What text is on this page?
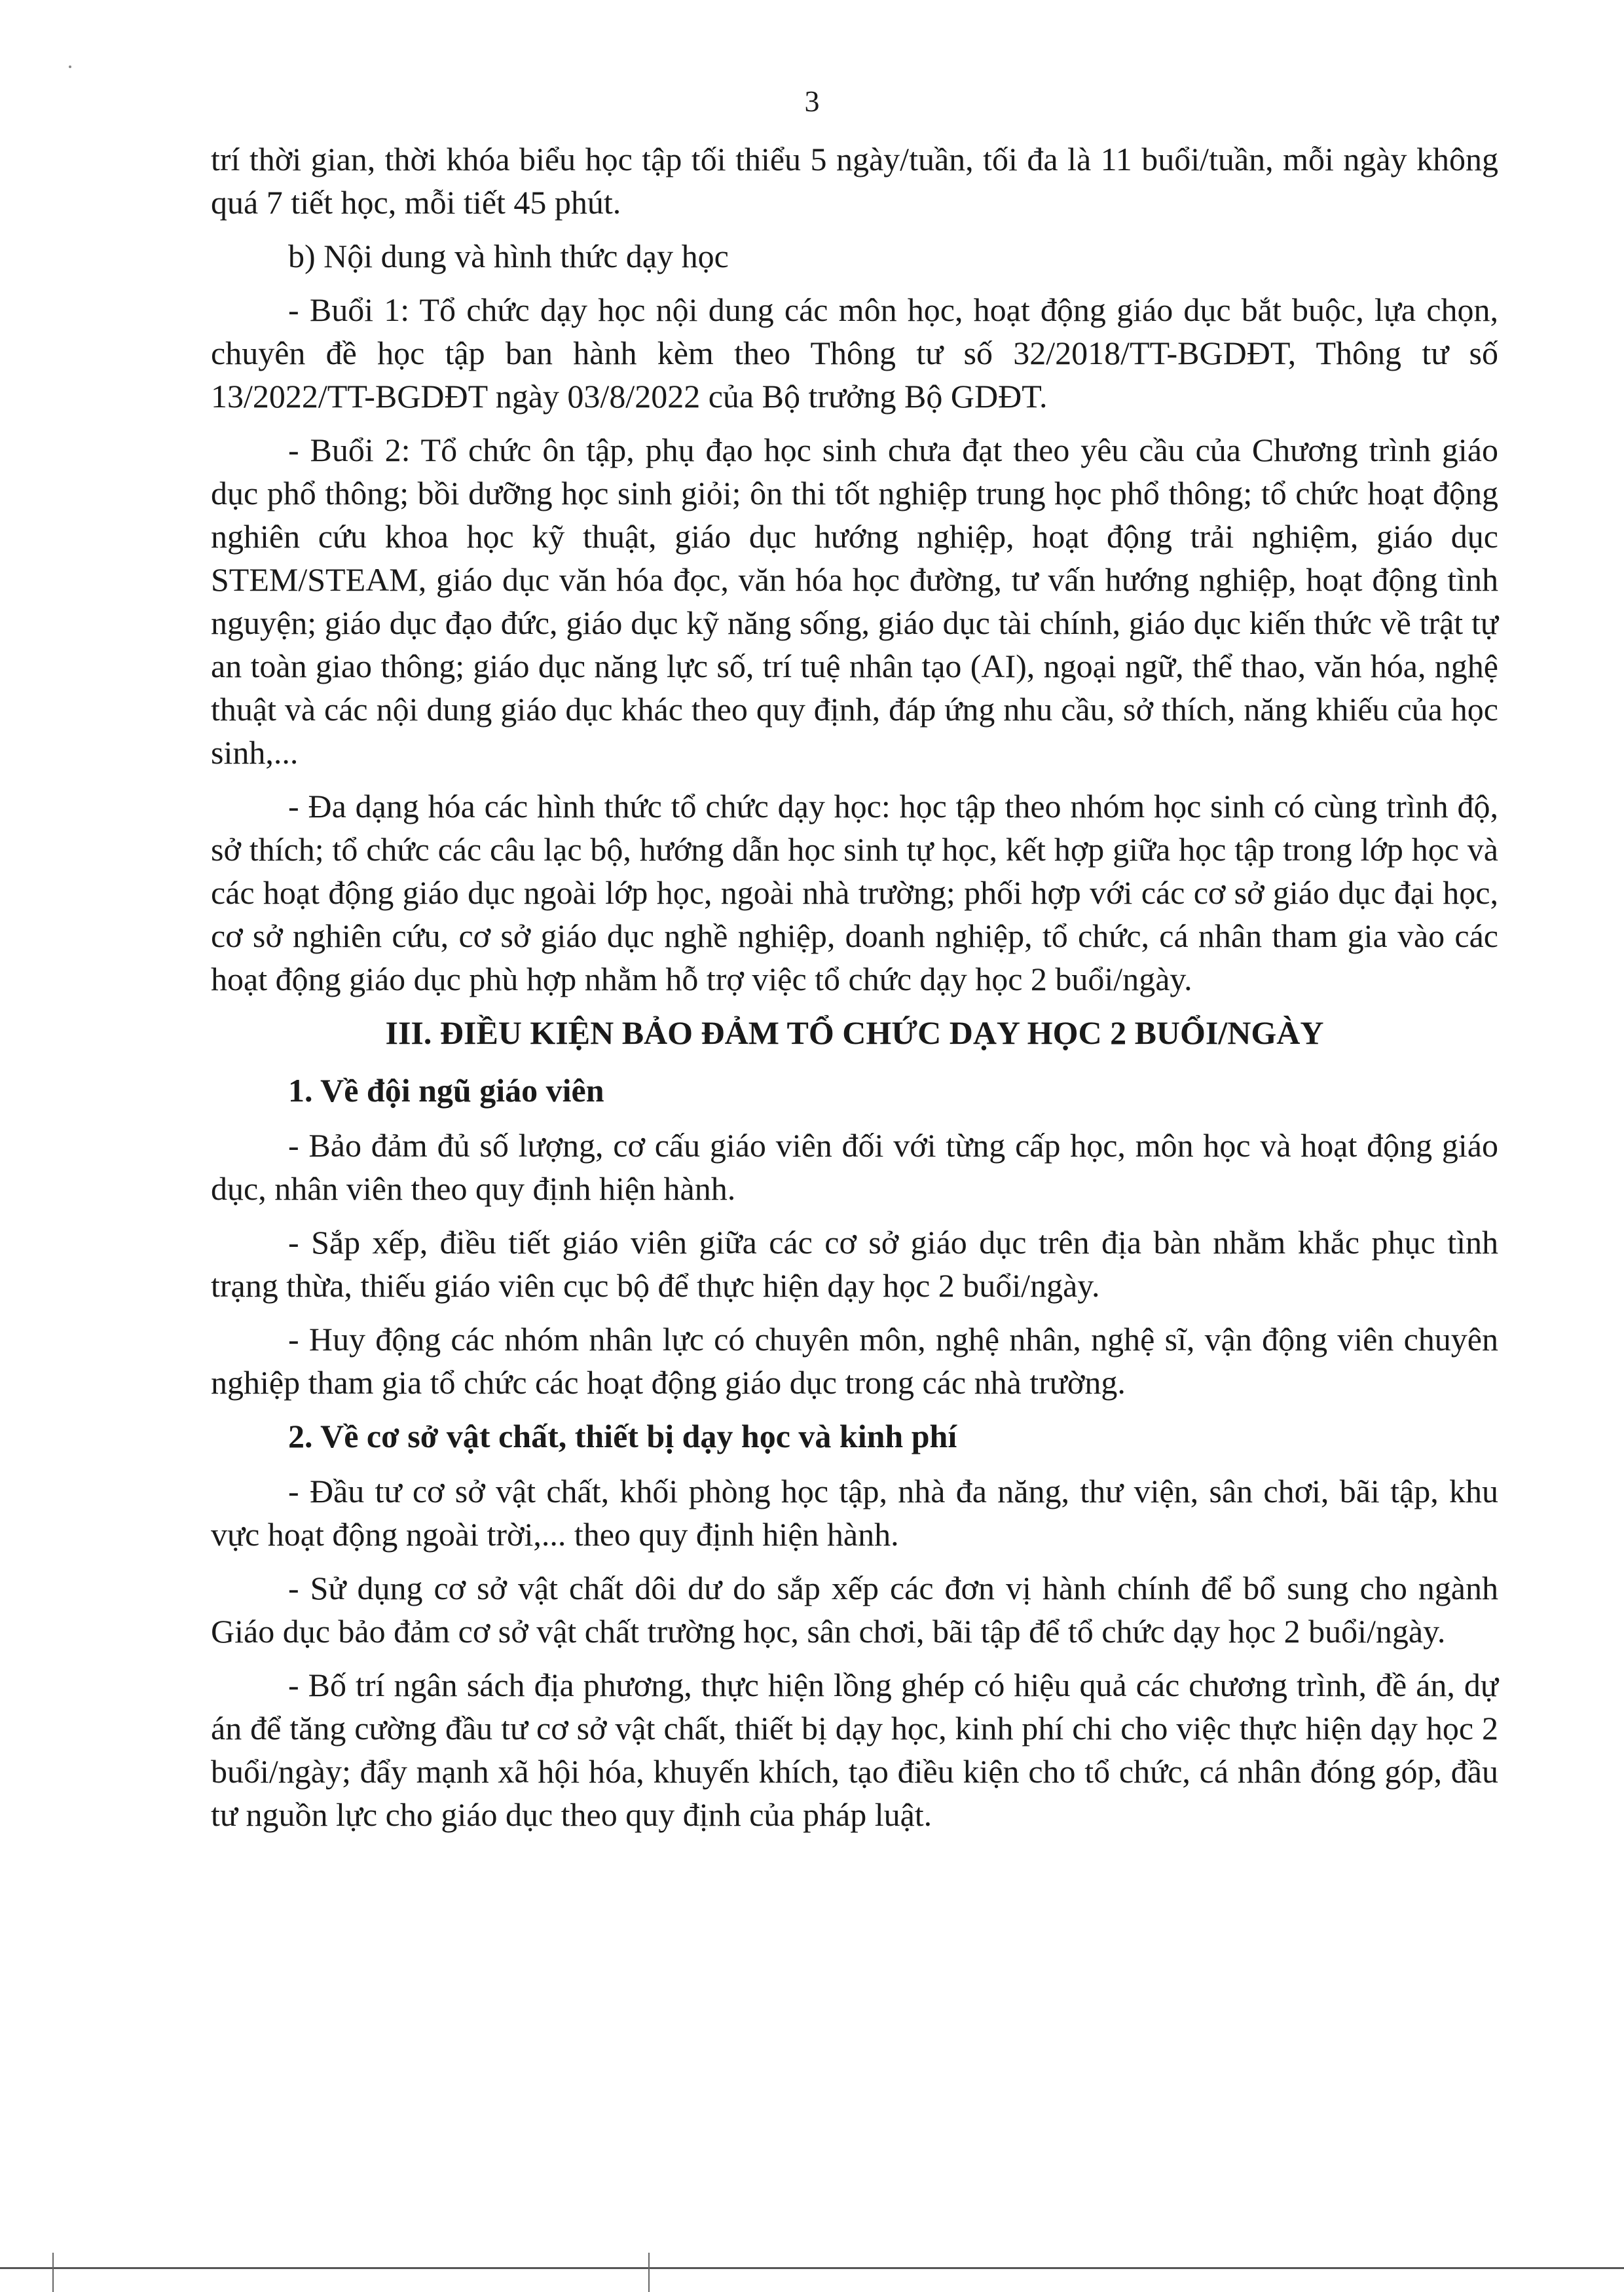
3

trí thời gian, thời khóa biểu học tập tối thiểu 5 ngày/tuần, tối đa là 11 buổi/tuần, mỗi ngày không quá 7 tiết học, mỗi tiết 45 phút.

b) Nội dung và hình thức dạy học

- Buổi 1: Tổ chức dạy học nội dung các môn học, hoạt động giáo dục bắt buộc, lựa chọn, chuyên đề học tập ban hành kèm theo Thông tư số 32/2018/TT-BGDĐT, Thông tư số 13/2022/TT-BGDĐT ngày 03/8/2022 của Bộ trưởng Bộ GDĐT.

- Buổi 2: Tổ chức ôn tập, phụ đạo học sinh chưa đạt theo yêu cầu của Chương trình giáo dục phổ thông; bồi dưỡng học sinh giỏi; ôn thi tốt nghiệp trung học phổ thông; tổ chức hoạt động nghiên cứu khoa học kỹ thuật, giáo dục hướng nghiệp, hoạt động trải nghiệm, giáo dục STEM/STEAM, giáo dục văn hóa đọc, văn hóa học đường, tư vấn hướng nghiệp, hoạt động tình nguyện; giáo dục đạo đức, giáo dục kỹ năng sống, giáo dục tài chính, giáo dục kiến thức về trật tự an toàn giao thông; giáo dục năng lực số, trí tuệ nhân tạo (AI), ngoại ngữ, thể thao, văn hóa, nghệ thuật và các nội dung giáo dục khác theo quy định, đáp ứng nhu cầu, sở thích, năng khiếu của học sinh,...

- Đa dạng hóa các hình thức tổ chức dạy học: học tập theo nhóm học sinh có cùng trình độ, sở thích; tổ chức các câu lạc bộ, hướng dẫn học sinh tự học, kết hợp giữa học tập trong lớp học và các hoạt động giáo dục ngoài lớp học, ngoài nhà trường; phối hợp với các cơ sở giáo dục đại học, cơ sở nghiên cứu, cơ sở giáo dục nghề nghiệp, doanh nghiệp, tổ chức, cá nhân tham gia vào các hoạt động giáo dục phù hợp nhằm hỗ trợ việc tổ chức dạy học 2 buổi/ngày.

III. ĐIỀU KIỆN BẢO ĐẢM TỔ CHỨC DẠY HỌC 2 BUỔI/NGÀY

1. Về đội ngũ giáo viên

- Bảo đảm đủ số lượng, cơ cấu giáo viên đối với từng cấp học, môn học và hoạt động giáo dục, nhân viên theo quy định hiện hành.

- Sắp xếp, điều tiết giáo viên giữa các cơ sở giáo dục trên địa bàn nhằm khắc phục tình trạng thừa, thiếu giáo viên cục bộ để thực hiện dạy học 2 buổi/ngày.

- Huy động các nhóm nhân lực có chuyên môn, nghệ nhân, nghệ sĩ, vận động viên chuyên nghiệp tham gia tổ chức các hoạt động giáo dục trong các nhà trường.

2. Về cơ sở vật chất, thiết bị dạy học và kinh phí

- Đầu tư cơ sở vật chất, khối phòng học tập, nhà đa năng, thư viện, sân chơi, bãi tập, khu vực hoạt động ngoài trời,... theo quy định hiện hành.

- Sử dụng cơ sở vật chất dôi dư do sắp xếp các đơn vị hành chính để bổ sung cho ngành Giáo dục bảo đảm cơ sở vật chất trường học, sân chơi, bãi tập để tổ chức dạy học 2 buổi/ngày.

- Bố trí ngân sách địa phương, thực hiện lồng ghép có hiệu quả các chương trình, đề án, dự án để tăng cường đầu tư cơ sở vật chất, thiết bị dạy học, kinh phí chi cho việc thực hiện dạy học 2 buổi/ngày; đẩy mạnh xã hội hóa, khuyến khích, tạo điều kiện cho tổ chức, cá nhân đóng góp, đầu tư nguồn lực cho giáo dục theo quy định của pháp luật.
